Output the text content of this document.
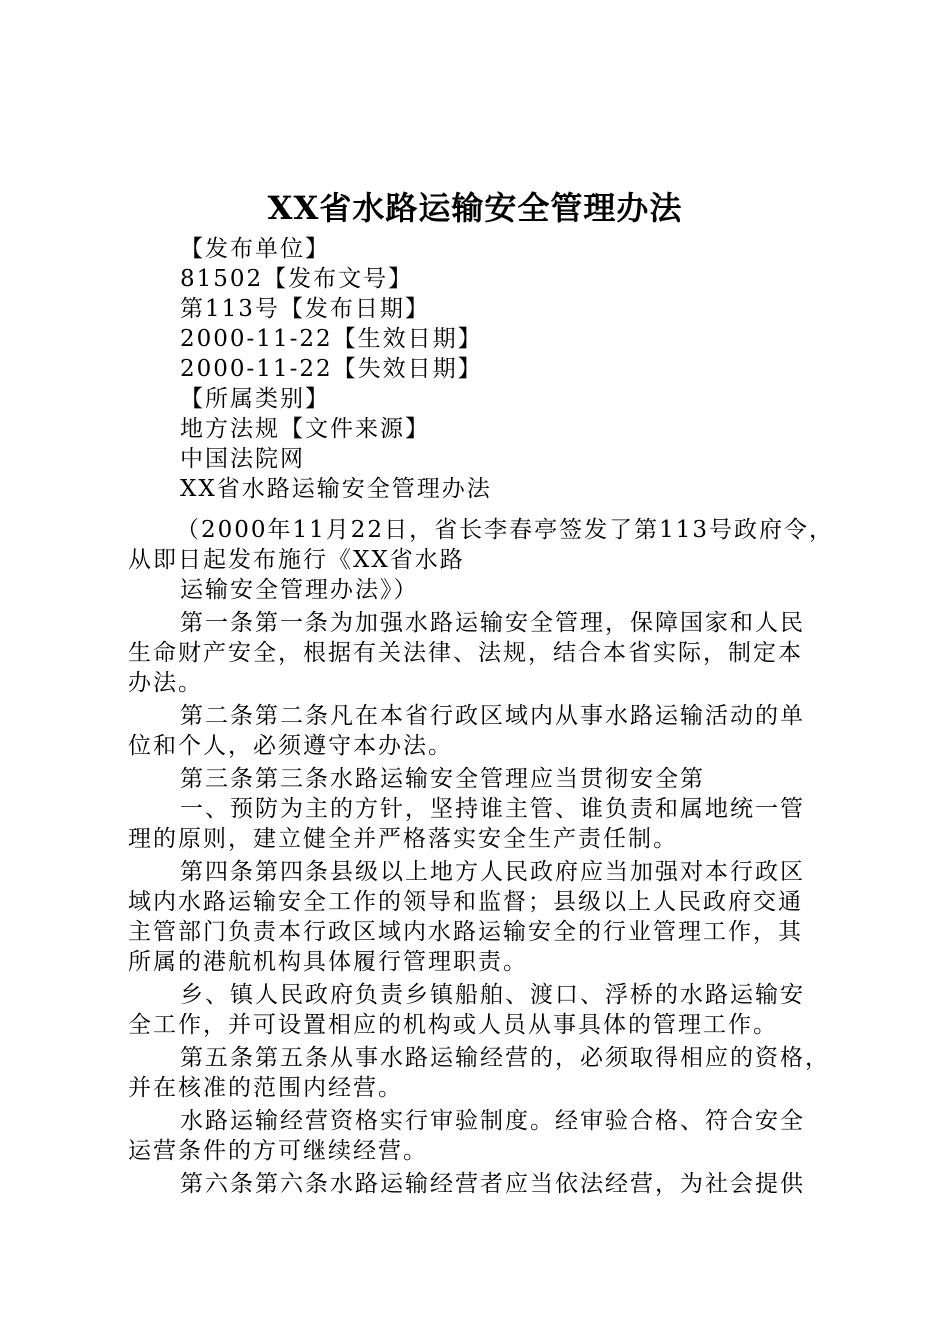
XX省水路运输安全管理办法
【发布单位】
81502【发布文号】
第113号【发布日期】
2000-11-22【生效日期】
2000-11-22【失效日期】
【所属类别】
地方法规【文件来源】
中国法院网
XX省水路运输安全管理办法
（2000年11月22日，省长李春亭签发了第113号政府令，
从即日起发布施行《XX省水路
运输安全管理办法》）
第一条第一条为加强水路运输安全管理，保障国家和人民
生命财产安全，根据有关法律、法规，结合本省实际，制定本
办法。
第二条第二条凡在本省行政区域内从事水路运输活动的单
位和个人，必须遵守本办法。
第三条第三条水路运输安全管理应当贯彻安全第
一、预防为主的方针，坚持谁主管、谁负责和属地统一管
理的原则，建立健全并严格落实安全生产责任制。
第四条第四条县级以上地方人民政府应当加强对本行政区
域内水路运输安全工作的领导和监督；县级以上人民政府交通
主管部门负责本行政区域内水路运输安全的行业管理工作，其
所属的港航机构具体履行管理职责。
乡、镇人民政府负责乡镇船舶、渡口、浮桥的水路运输安
全工作，并可设置相应的机构或人员从事具体的管理工作。
第五条第五条从事水路运输经营的，必须取得相应的资格，
并在核准的范围内经营。
水路运输经营资格实行审验制度。经审验合格、符合安全
运营条件的方可继续经营。
第六条第六条水路运输经营者应当依法经营，为社会提供
